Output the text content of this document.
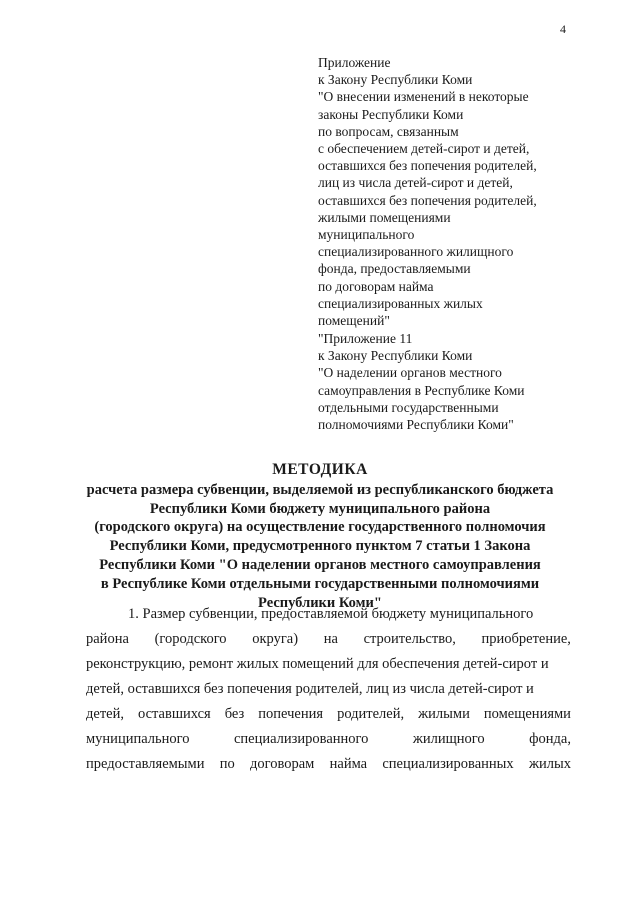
4
Приложение
к Закону Республики Коми
"О внесении изменений в некоторые
законы Республики Коми
по вопросам, связанным
с обеспечением детей-сирот и детей,
оставшихся без попечения родителей,
лиц из числа детей-сирот и детей,
оставшихся без попечения родителей,
жилыми помещениями
муниципального
специализированного жилищного
фонда, предоставляемыми
по договорам найма
специализированных жилых
помещений"
"Приложение 11
к Закону Республики Коми
"О наделении органов местного
самоуправления в Республике Коми
отдельными государственными
полномочиями Республики Коми"
МЕТОДИКА
расчета размера субвенции, выделяемой из республиканского бюджета
Республики Коми бюджету муниципального района
(городского округа) на осуществление государственного полномочия
Республики Коми, предусмотренного пунктом 7 статьи 1 Закона
Республики Коми "О наделении органов местного самоуправления
в Республике Коми отдельными государственными полномочиями
Республики Коми"
1. Размер субвенции, предоставляемой бюджету муниципального
района (городского округа) на строительство, приобретение,
реконструкцию, ремонт жилых помещений для обеспечения детей-сирот и
детей, оставшихся без попечения родителей, лиц из числа детей-сирот и
детей, оставшихся без попечения родителей, жилыми помещениями
муниципального	специализированного	жилищного	фонда,
предоставляемыми по договорам найма специализированных жилых
